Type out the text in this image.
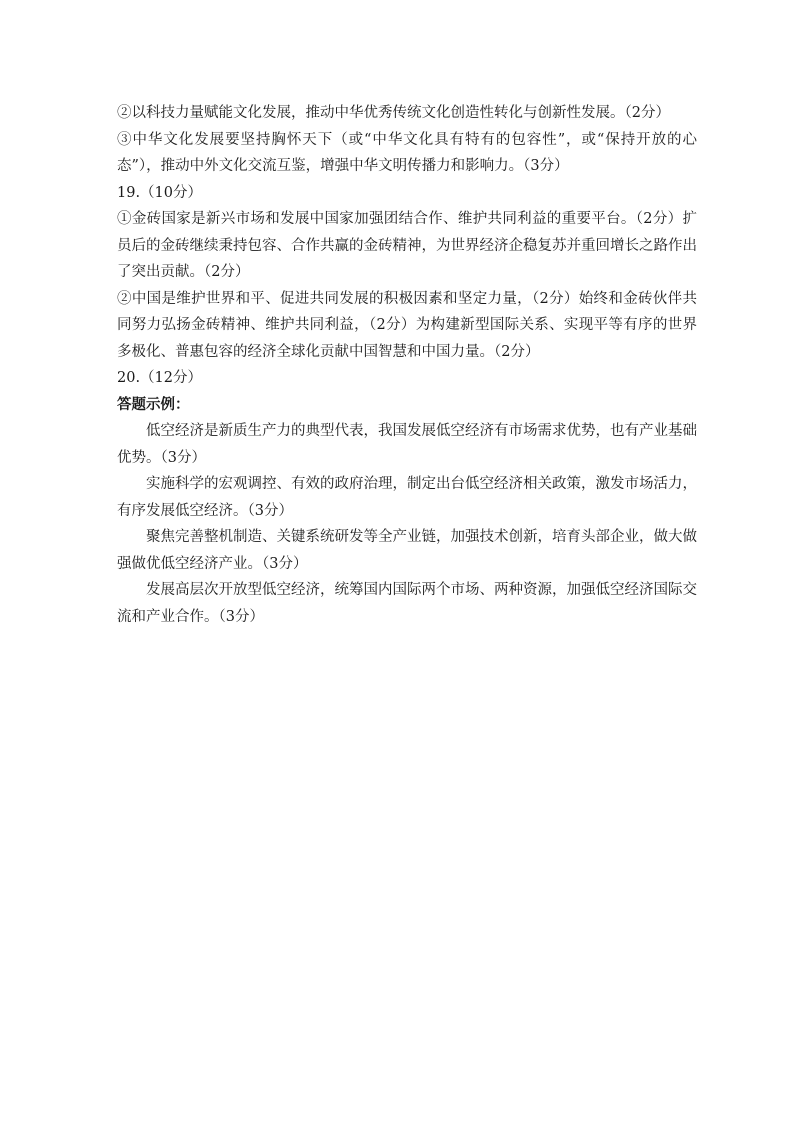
②以科技力量赋能文化发展，推动中华优秀传统文化创造性转化与创新性发展。（2分）

③中华文化发展要坚持胸怀天下（或“中华文化具有特有的包容性”，或“保持开放的心态”），推动中外文化交流互鉴，增强中华文明传播力和影响力。（3分）

19.（10分）

①金砖国家是新兴市场和发展中国家加强团结合作、维护共同利益的重要平台。（2分）扩员后的金砖继续秉持包容、合作共赢的金砖精神，为世界经济企稳复苏并重回增长之路作出了突出贡献。（2分）

②中国是维护世界和平、促进共同发展的积极因素和坚定力量，（2分）始终和金砖伙伴共同努力弘扬金砖精神、维护共同利益，（2分）为构建新型国际关系、实现平等有序的世界多极化、普惠包容的经济全球化贡献中国智慧和中国力量。（2分）

20.（12分）

答题示例：

低空经济是新质生产力的典型代表，我国发展低空经济有市场需求优势，也有产业基础优势。（3分）

实施科学的宏观调控、有效的政府治理，制定出台低空经济相关政策，激发市场活力，有序发展低空经济。（3分）

聚焦完善整机制造、关键系统研发等全产业链，加强技术创新，培育头部企业，做大做强做优低空经济产业。（3分）

发展高层次开放型低空经济，统筹国内国际两个市场、两种资源，加强低空经济国际交流和产业合作。（3分）
